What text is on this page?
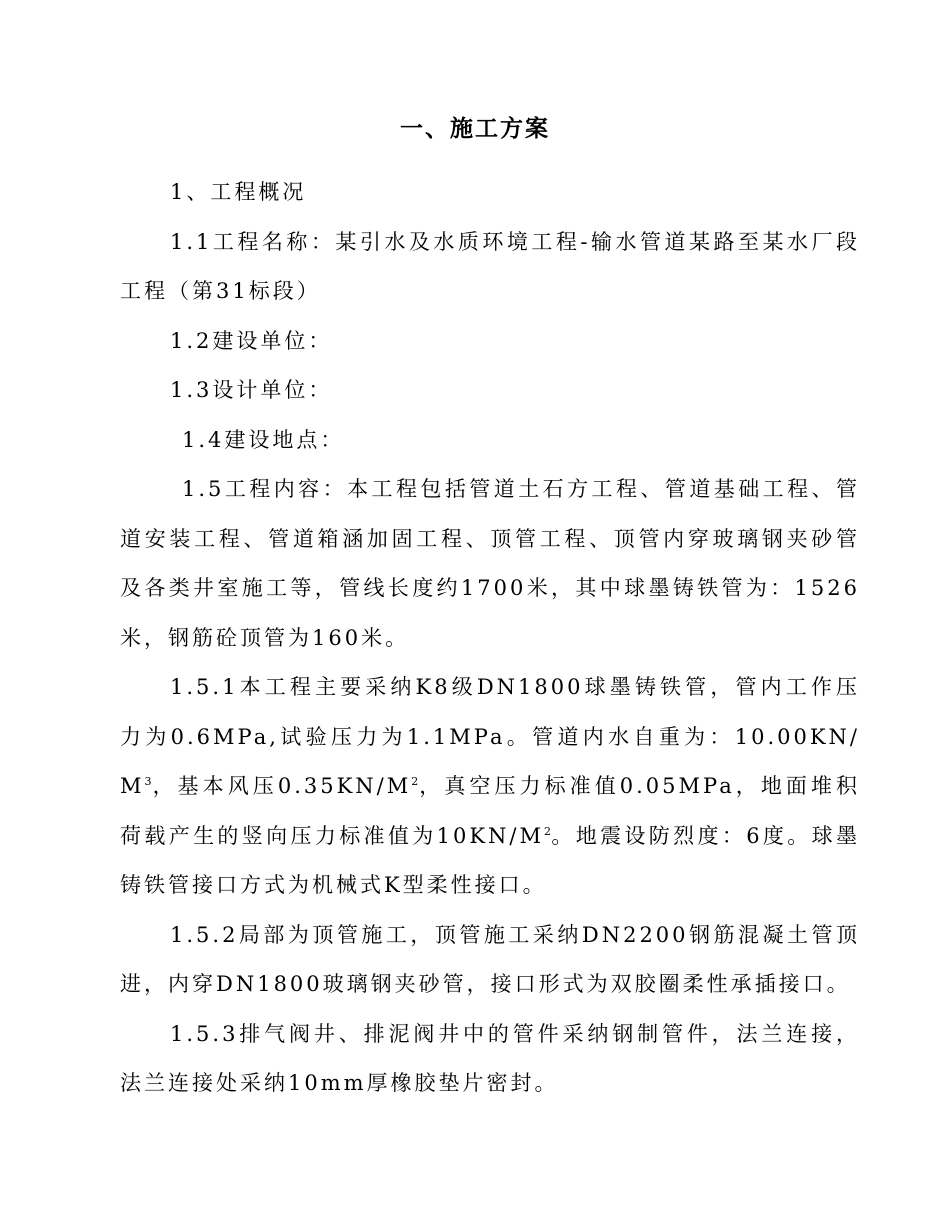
一、施工方案

1、工程概况

1.1工程名称：某引水及水质环境工程-输水管道某路至某水厂段工程（第31标段）

1.2建设单位：

1.3设计单位：

1.4建设地点：

1.5工程内容：本工程包括管道土石方工程、管道基础工程、管道安装工程、管道箱涵加固工程、顶管工程、顶管内穿玻璃钢夹砂管及各类井室施工等，管线长度约1700米，其中球墨铸铁管为：1526米，钢筋砼顶管为160米。

1.5.1本工程主要采纳K8级DN1800球墨铸铁管，管内工作压力为0.6MPa,试验压力为1.1MPa。管道内水自重为：$10.00KN/M^3$，基本风压$0.35KN/M^2$，真空压力标准值0.05MPa，地面堆积荷载产生的竖向压力标准值为$10KN/M^2$。地震设防烈度：6度。球墨铸铁管接口方式为机械式K型柔性接口。

1.5.2局部为顶管施工，顶管施工采纳DN2200钢筋混凝土管顶进，内穿DN1800玻璃钢夹砂管，接口形式为双胶圈柔性承插接口。

1.5.3排气阀井、排泥阀井中的管件采纳钢制管件，法兰连接，法兰连接处采纳10mm厚橡胶垫片密封。
